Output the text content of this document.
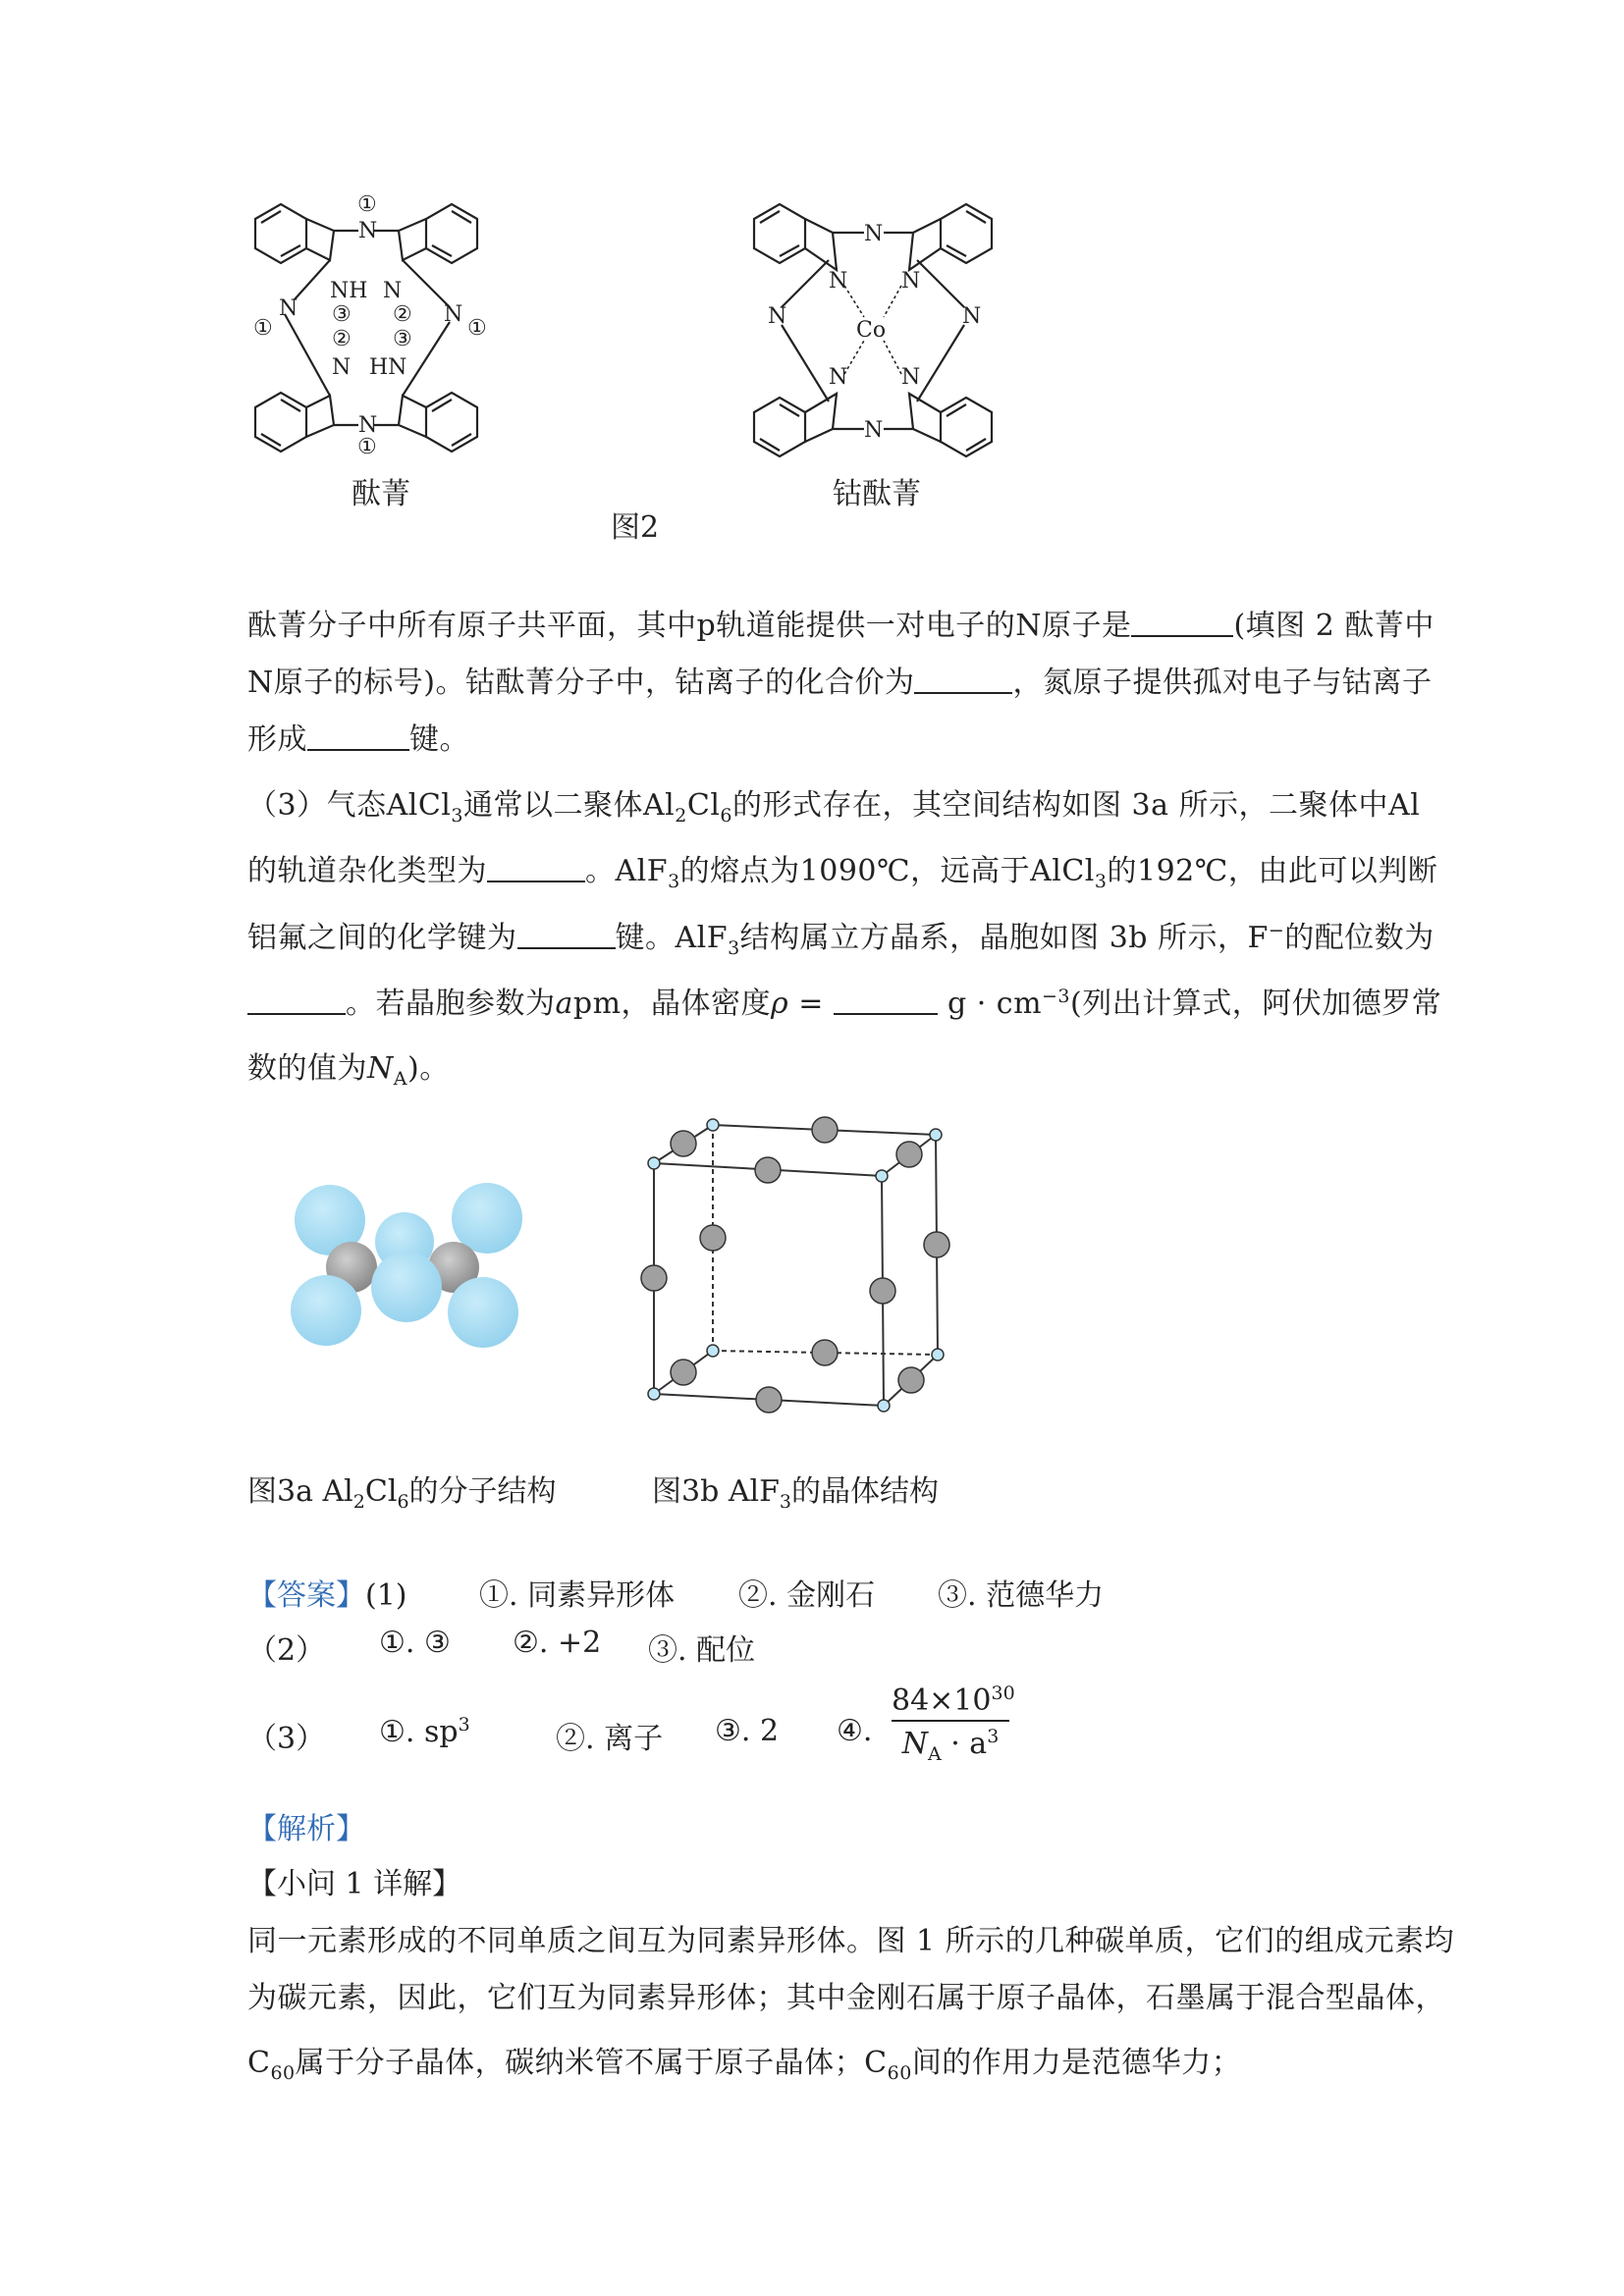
N
N
N	N
NH
N
N
HN
①
①
①	①
③
②
②
③
酞菁
N
N
N	N
N N
N N
Co
钴酞菁
图2
酞菁分子中所有原子共平面，其中p轨道能提供一对电子的N原子是	(填图 2 酞菁中
N原子的标号)。钴酞菁分子中，钴离子的化合价为	，氮原子提供孤对电子与钴离子
形成	键。
（3）气态AlCl$_3$通常以二聚体$Al_2Cl_6$的形式存在，其空间结构如图 3a 所示，二聚体中Al
的轨道杂化类型为	。AlF$_3$的熔点为1090℃，远高于AlCl$_3$的192℃，由此可以判断
铝氟之间的化学键为	键。AlF$_3$结构属立方晶系，晶胞如图 3b 所示，F−的配位数为
。若晶胞参数为apm，晶体密度ρ =	$g \cdot cm^{-3}$(列出计算式，阿伏加德罗常
数的值为$N_A$)。
图3a $Al_2Cl_6$的分子结构	图3b AlF$_3$的晶体结构
【答案】(1) ①. 同素异形体 ②. 金刚石 ③. 范德华力
（2） ①. ③ ②. +2 ③. 配位
（3） ①. $sp^3$	②. 离子 ③. 2 ④. $\frac{84\times 10^{30}}{N_A \cdot a^3}$
【解析】
【小问 1 详解】
同一元素形成的不同单质之间互为同素异形体。图 1 所示的几种碳单质，它们的组成元素均
为碳元素，因此，它们互为同素异形体；其中金刚石属于原子晶体，石墨属于混合型晶体，
$C_{60}$属于分子晶体，碳纳米管不属于原子晶体；$C_{60}$间的作用力是范德华力；
